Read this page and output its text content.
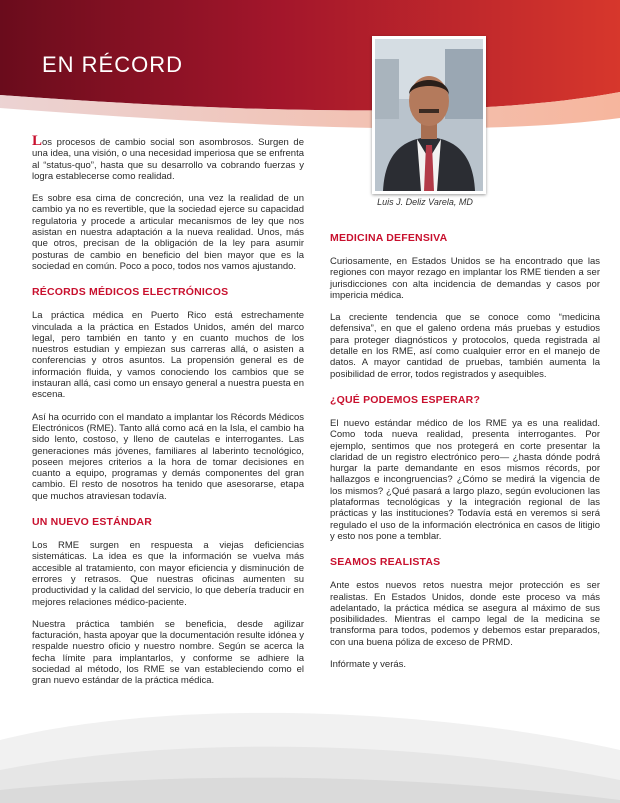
EN RÉCORD
Luis J. Deliz Varela, MD

Los procesos de cambio social son asombrosos. Surgen de una idea, una visión, o una necesidad imperiosa que se enfrenta al “status-quo”, hasta que su desarrollo va cobrando fuerzas y logra establecerse como realidad.

Es sobre esa cima de concreción, una vez la realidad de un cambio ya no es revertible, que la sociedad ejerce su capacidad regulatoria y procede a articular mecanismos de ley que nos asistan en nuestra adaptación a la nueva realidad. Unos, más que otros, precisan de la obligación de la ley para asumir posturas de cambio en beneficio del bien mayor que es la sociedad en común. Poco a poco, todos nos vamos ajustando.

RÉCORDS MÉDICOS ELECTRÓNICOS

La práctica médica en Puerto Rico está estrechamente vinculada a la práctica en Estados Unidos, amén del marco legal, pero también en tanto y en cuanto muchos de los nuestros estudian y empiezan sus carreras allá, o asisten a conferencias y otros asuntos. La propensión general es de información fluida, y vamos conociendo los cambios que se instauran allá, casi como un ensayo general a nuestra puesta en escena.

Así ha ocurrido con el mandato a implantar los Récords Médicos Electrónicos (RME). Tanto allá como acá en la Isla, el cambio ha sido lento, costoso, y lleno de cautelas e interrogantes. Las generaciones más jóvenes, familiares al laberinto tecnológico, poseen mejores criterios a la hora de tomar decisiones en cuanto a equipo, programas y demás componentes del gran cambio. El resto de nosotros ha tenido que asesorarse, etapa que muchos atraviesan todavía.

UN NUEVO ESTÁNDAR

Los RME surgen en respuesta a viejas deficiencias sistemáticas. La idea es que la información se vuelva más accesible al tratamiento, con mayor eficiencia y disminución de errores y retrasos. Que nuestras oficinas aumenten su productividad y la calidad del servicio, lo que debería traducir en mejores relaciones médico-paciente.

Nuestra práctica también se beneficia, desde agilizar facturación, hasta apoyar que la documentación resulte idónea y respalde nuestro oficio y nuestro nombre. Según se acerca la fecha límite para implantarlos, y conforme se adhiere la sociedad al método, los RME se van estableciendo como el gran nuevo estándar de la práctica médica.

MEDICINA DEFENSIVA

Curiosamente, en Estados Unidos se ha encontrado que las regiones con mayor rezago en implantar los RME tienden a ser jurisdicciones con alta incidencia de demandas y casos por impericia médica.

La creciente tendencia que se conoce como “medicina defensiva”, en que el galeno ordena más pruebas y estudios para proteger diagnósticos y protocolos, queda registrada al detalle en los RME, así como cualquier error en el manejo de datos. A mayor cantidad de pruebas, también aumenta la posibilidad de error, todos registrados y asequibles.

¿QUÉ PODEMOS ESPERAR?

El nuevo estándar médico de los RME ya es una realidad. Como toda nueva realidad, presenta interrogantes. Por ejemplo, sentimos que nos protegerá en corte presentar la claridad de un registro electrónico pero— ¿hasta dónde podrá hurgar la parte demandante en esos mismos récords, por hallazgos e incongruencias? ¿Cómo se medirá la vigencia de los mismos? ¿Qué pasará a largo plazo, según evolucionen las plataformas tecnológicas y la integración regional de las prácticas y las instituciones? Todavía está en veremos si será regulado el uso de la información electrónica en casos de litigio y esto nos pone a temblar.

SEAMOS REALISTAS

Ante estos nuevos retos nuestra mejor protección es ser realistas. En Estados Unidos, donde este proceso va más adelantado, la práctica médica se asegura al máximo de sus posibilidades. Mientras el campo legal de la medicina se transforma para todos, podemos y debemos estar preparados, con una buena póliza de exceso de PRMD.

Infórmate y verás.
